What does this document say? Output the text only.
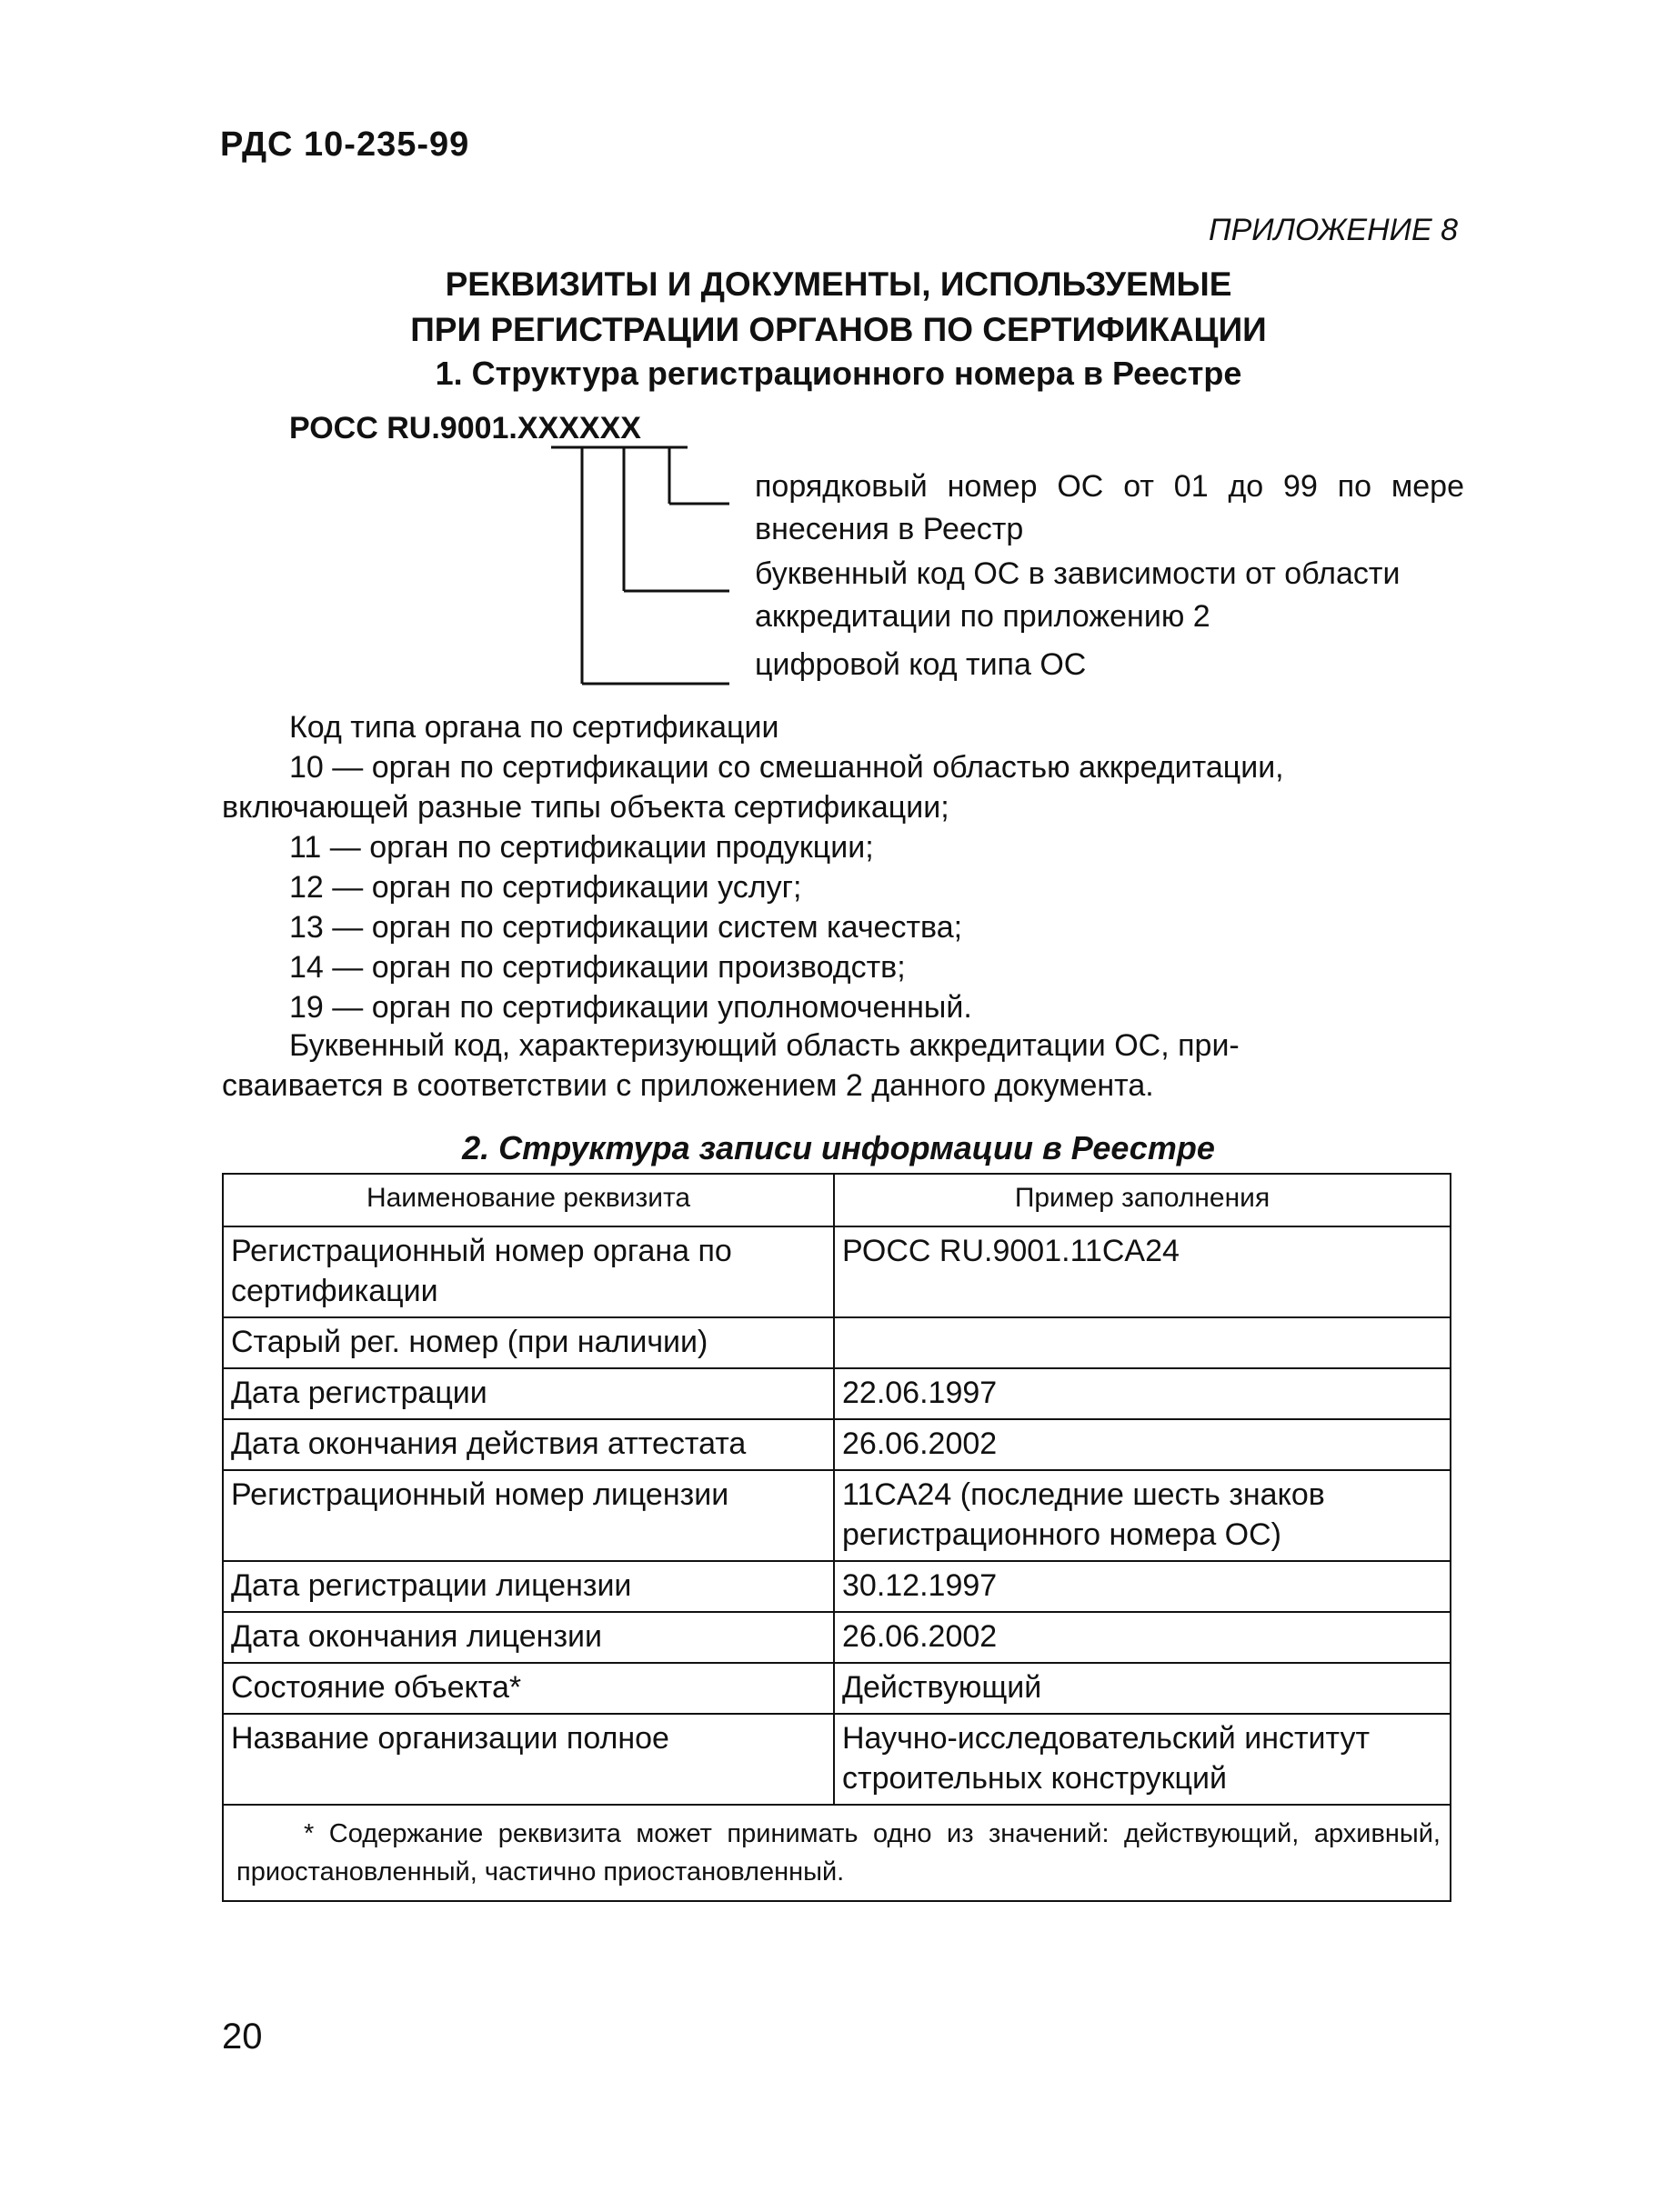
РДС 10-235-99
ПРИЛОЖЕНИЕ 8
РЕКВИЗИТЫ И ДОКУМЕНТЫ, ИСПОЛЬЗУЕМЫЕ
ПРИ РЕГИСТРАЦИИ ОРГАНОВ ПО СЕРТИФИКАЦИИ
1. Структура регистрационного номера в Реестре
РОСС RU.9001.XXXXXX
порядковый номер ОС от 01 до 99 по мере внесения в Реестр
буквенный код ОС в зависимости от области аккредитации по приложению 2
цифровой код типа ОС
Код типа органа по сертификации
10 — орган по сертификации со смешанной областью аккредитации,
включающей разные типы объекта сертификации;
11 — орган по сертификации продукции;
12 — орган по сертификации услуг;
13 — орган по сертификации систем качества;
14 — орган по сертификации производств;
19 — орган по сертификации уполномоченный.
Буквенный код, характеризующий область аккредитации ОС, при-
сваивается в соответствии с приложением 2 данного документа.
2. Структура записи информации в Реестре
Наименование реквизита	Пример заполнения
Регистрационный номер органа по сертификации	РОСС RU.9001.11CA24
Старый рег. номер (при наличии)	
Дата регистрации	22.06.1997
Дата окончания действия аттестата	26.06.2002
Регистрационный номер лицензии	11CA24 (последние шесть знаков регистрационного номера ОС)
Дата регистрации лицензии	30.12.1997
Дата окончания лицензии	26.06.2002
Состояние объекта*	Действующий
Название организации полное	Научно-исследовательский институт строительных конструкций
* Содержание реквизита может принимать одно из значений: действующий, архивный, приостановленный, частично приостановленный.	
20
